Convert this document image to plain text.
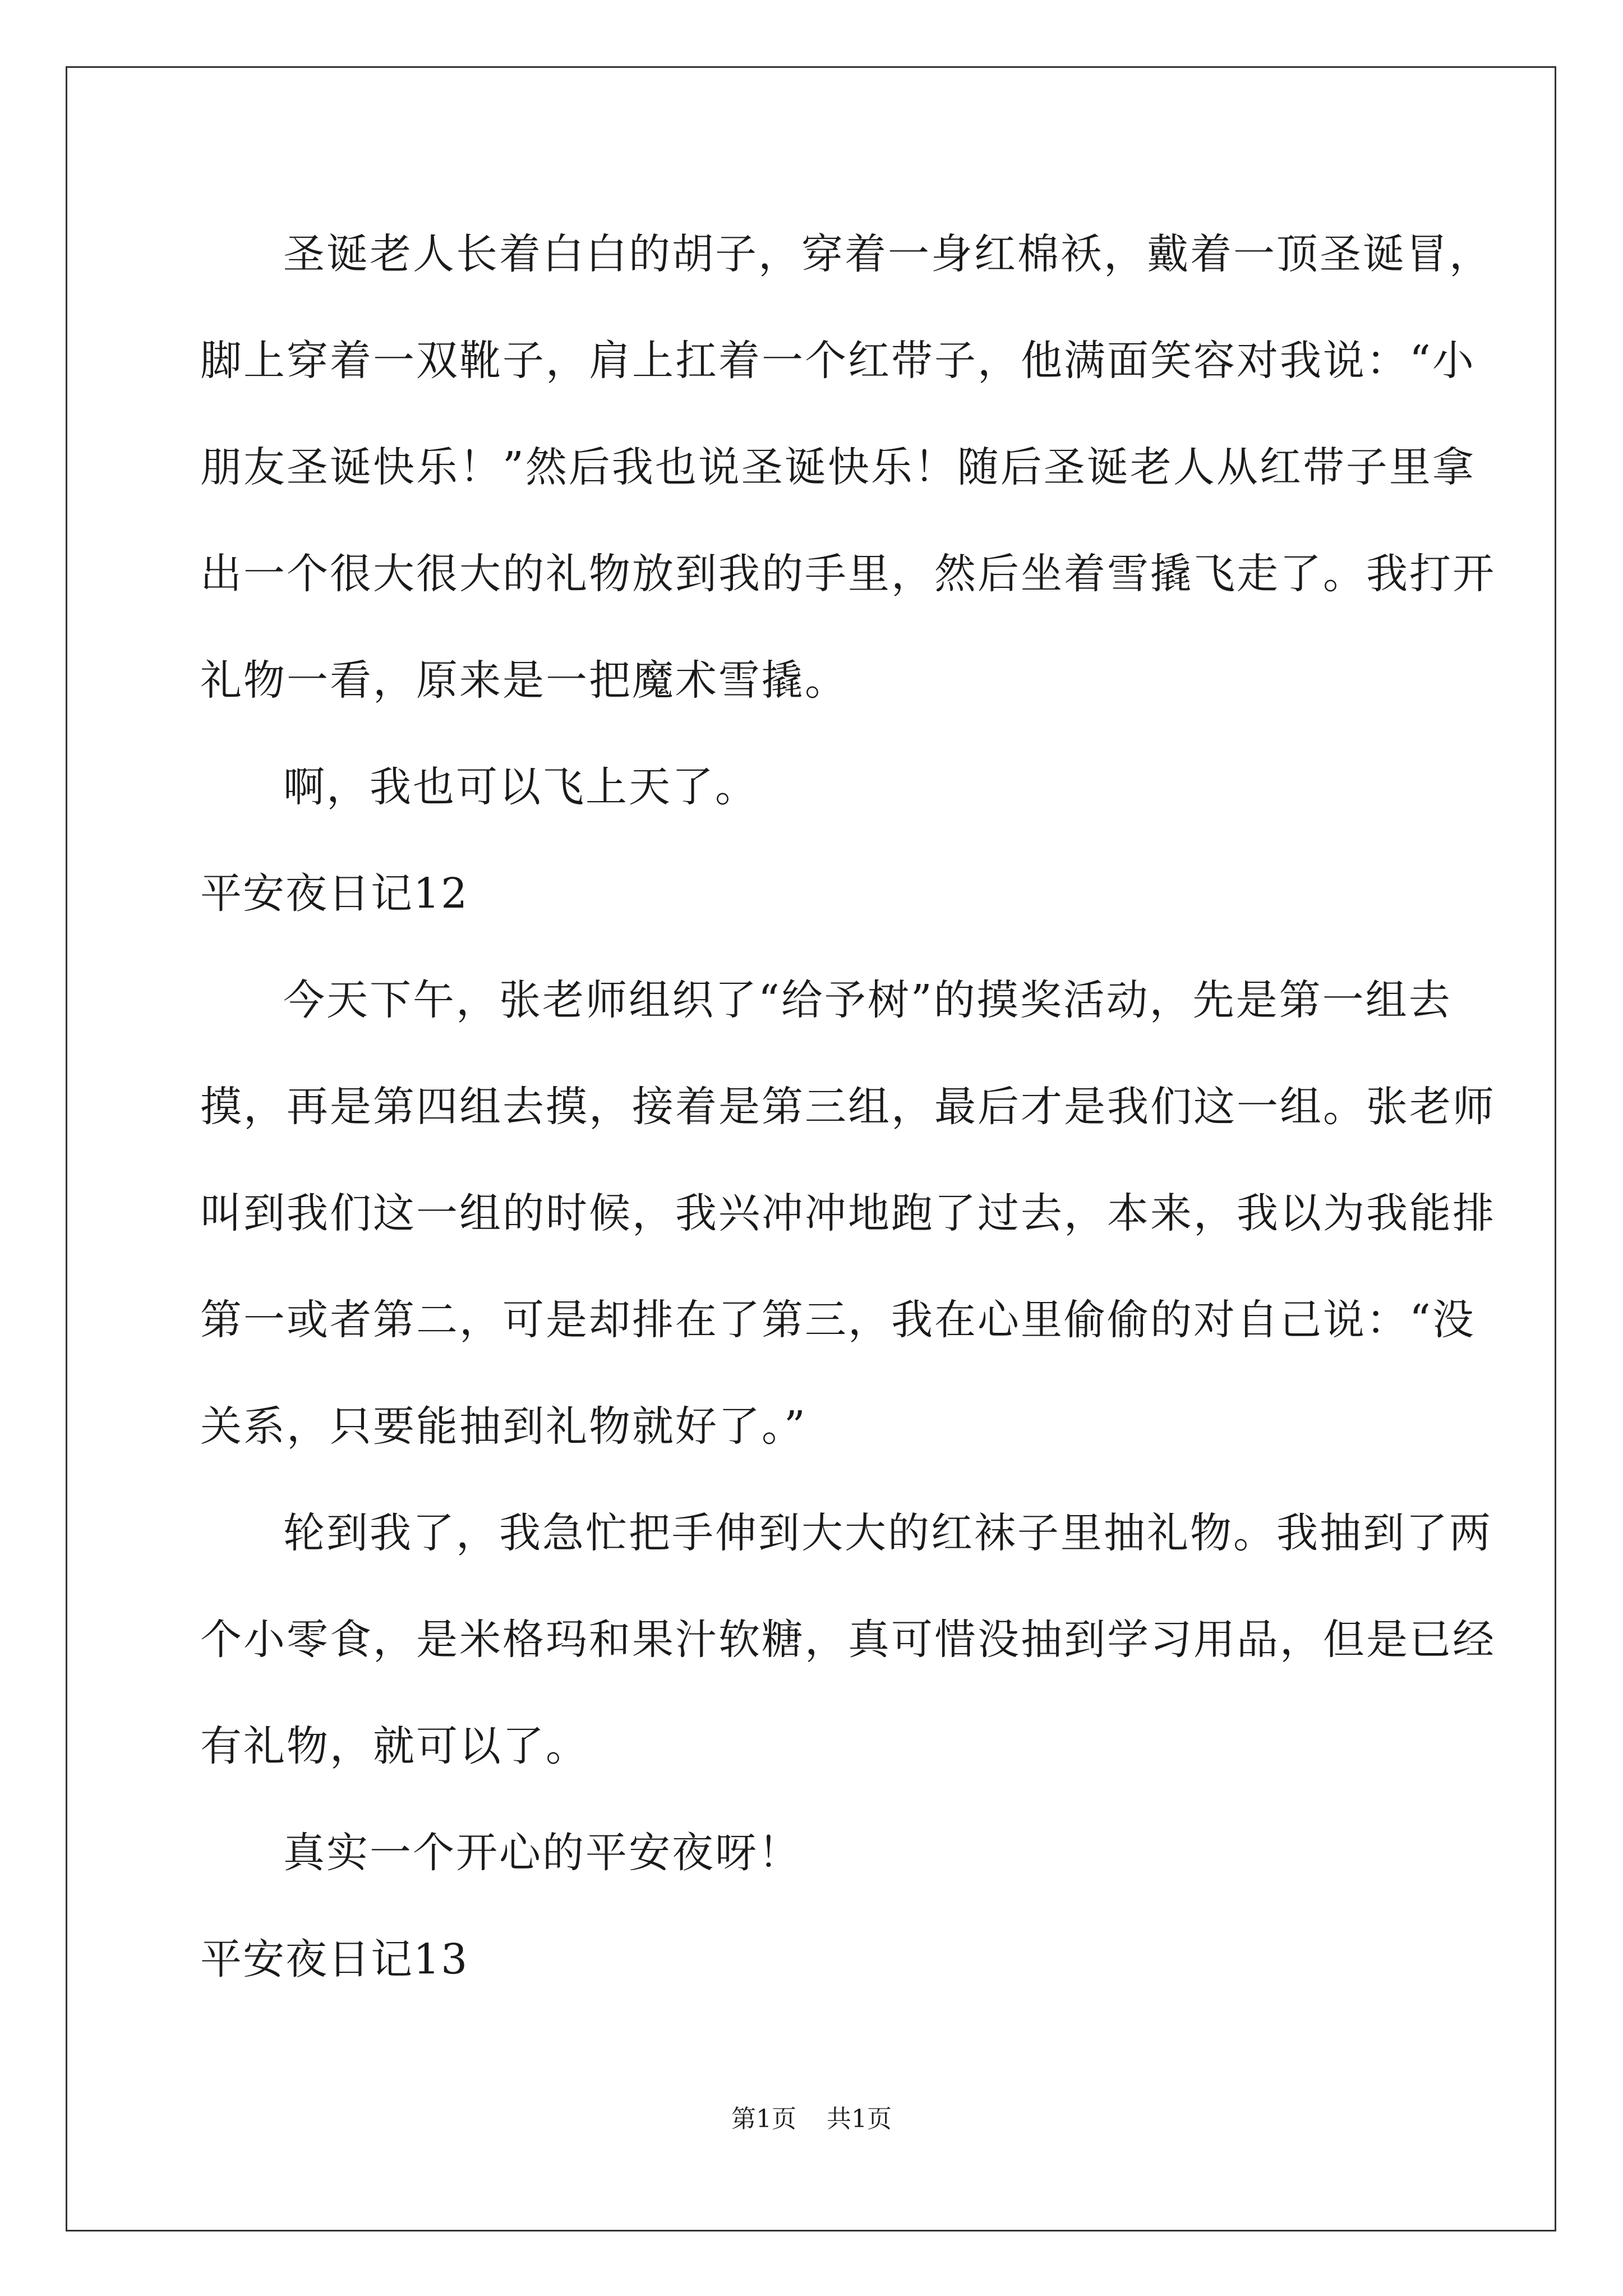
圣诞老人长着白白的胡子，穿着一身红棉袄，戴着一顶圣诞冒，
脚上穿着一双靴子，肩上扛着一个红带子，他满面笑容对我说：“小
朋友圣诞快乐！”然后我也说圣诞快乐！随后圣诞老人从红带子里拿
出一个很大很大的礼物放到我的手里，然后坐着雪撬飞走了。我打开
礼物一看，原来是一把魔术雪撬。
啊，我也可以飞上天了。
平安夜日记12
今天下午，张老师组织了“给予树”的摸奖活动，先是第一组去
摸，再是第四组去摸，接着是第三组，最后才是我们这一组。张老师
叫到我们这一组的时候，我兴冲冲地跑了过去，本来，我以为我能排
第一或者第二，可是却排在了第三，我在心里偷偷的对自己说：“没
关系，只要能抽到礼物就好了。”
轮到我了，我急忙把手伸到大大的红袜子里抽礼物。我抽到了两
个小零食，是米格玛和果汁软糖，真可惜没抽到学习用品，但是已经
有礼物，就可以了。
真实一个开心的平安夜呀！
平安夜日记13
第1页 共1页
